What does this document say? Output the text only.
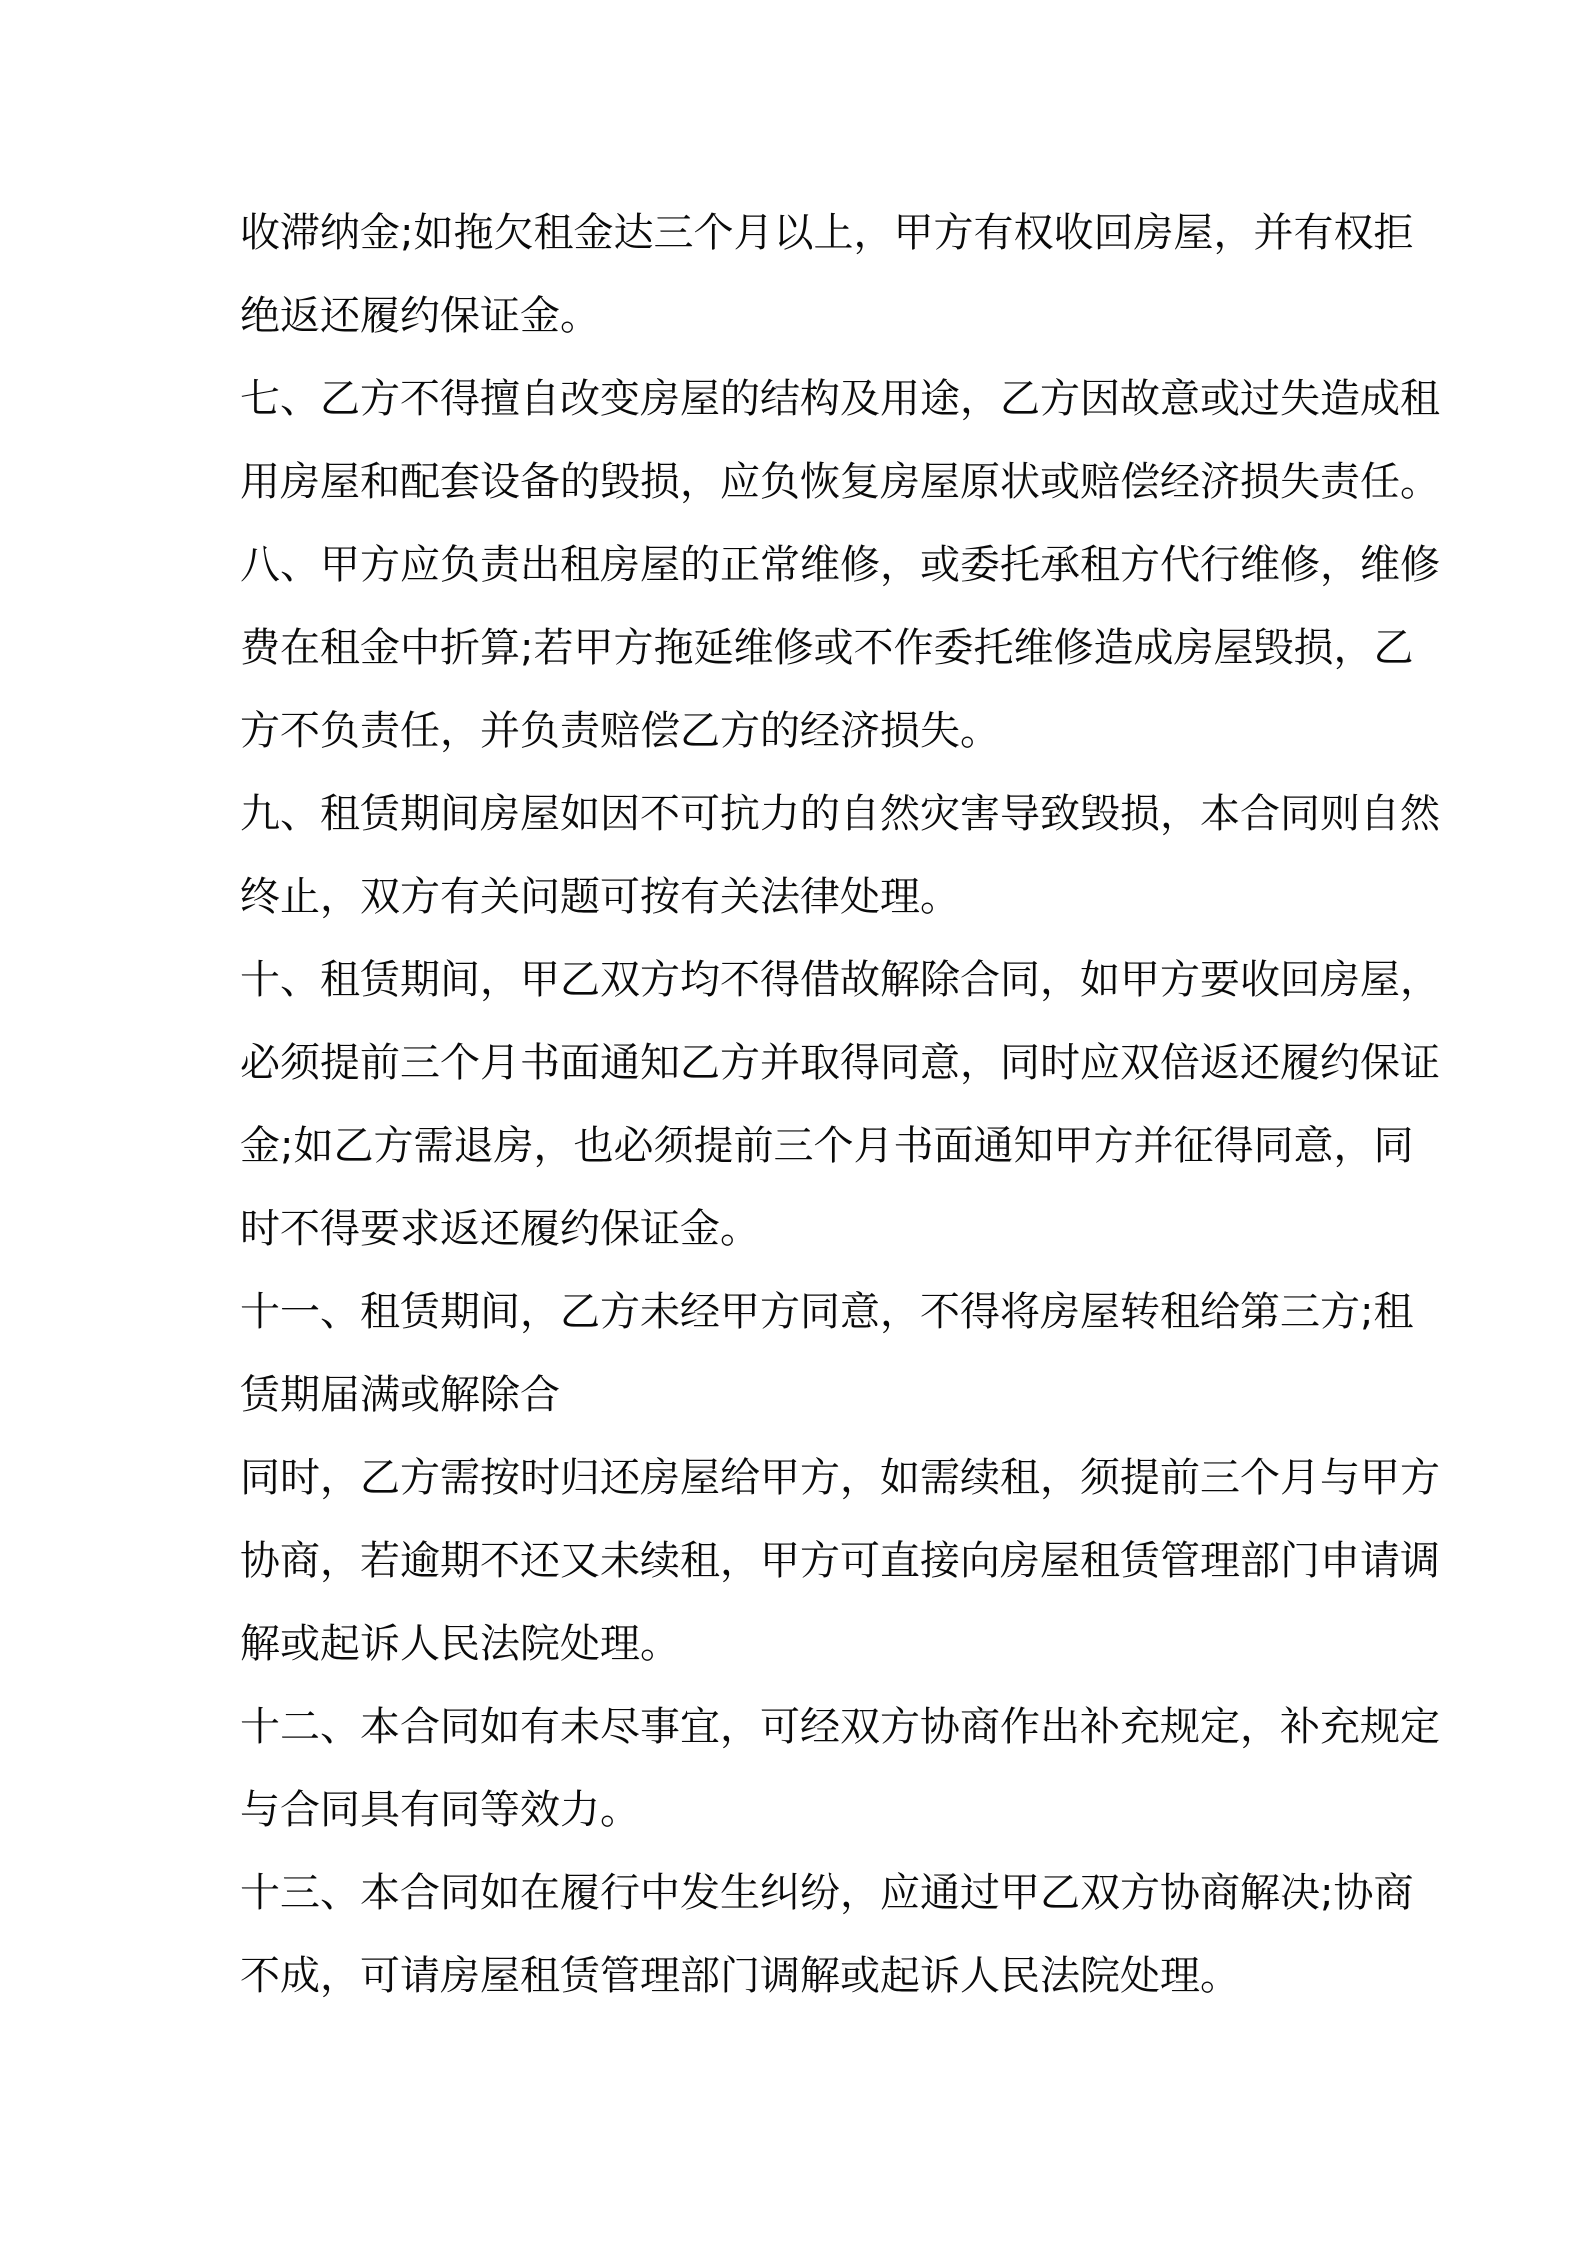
收滞纳金;如拖欠租金达三个月以上，甲方有权收回房屋，并有权拒
绝返还履约保证金。
七、乙方不得擅自改变房屋的结构及用途，乙方因故意或过失造成租
用房屋和配套设备的毁损，应负恢复房屋原状或赔偿经济损失责任。
八、甲方应负责出租房屋的正常维修，或委托承租方代行维修，维修
费在租金中折算;若甲方拖延维修或不作委托维修造成房屋毁损，乙
方不负责任，并负责赔偿乙方的经济损失。
九、租赁期间房屋如因不可抗力的自然灾害导致毁损，本合同则自然
终止，双方有关问题可按有关法律处理。
十、租赁期间，甲乙双方均不得借故解除合同，如甲方要收回房屋，
必须提前三个月书面通知乙方并取得同意，同时应双倍返还履约保证
金;如乙方需退房，也必须提前三个月书面通知甲方并征得同意，同
时不得要求返还履约保证金。
十一、租赁期间，乙方未经甲方同意，不得将房屋转租给第三方;租
赁期届满或解除合
同时，乙方需按时归还房屋给甲方，如需续租，须提前三个月与甲方
协商，若逾期不还又未续租，甲方可直接向房屋租赁管理部门申请调
解或起诉人民法院处理。
十二、本合同如有未尽事宜，可经双方协商作出补充规定，补充规定
与合同具有同等效力。
十三、本合同如在履行中发生纠纷，应通过甲乙双方协商解决;协商
不成，可请房屋租赁管理部门调解或起诉人民法院处理。
